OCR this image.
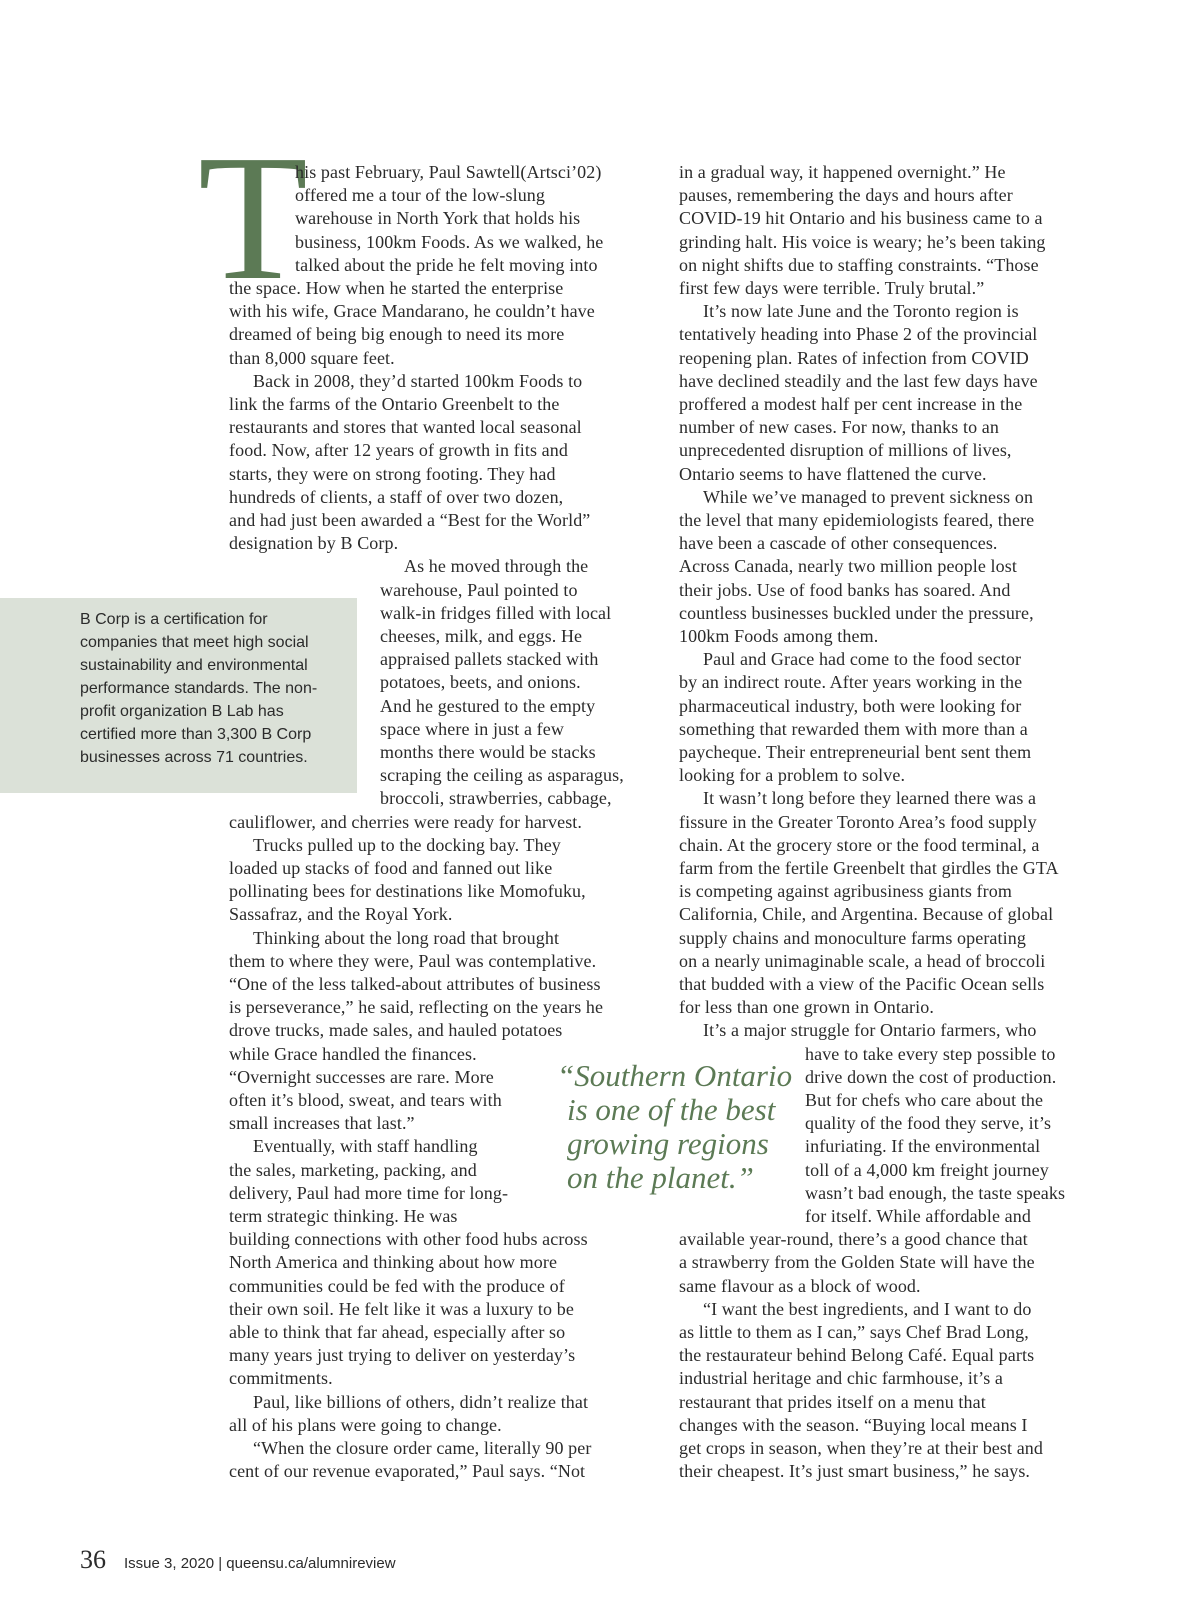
T
B Corp is a certification for
companies that meet high social
sustainability and environmental
performance standards. The non-
profit organization B Lab has
certified more than 3,300 B Corp
businesses across 71 countries.
his past February, Paul Sawtell(Artsci’02)
offered me a tour of the low-slung
warehouse in North York that holds his
business, 100km Foods. As we walked, he
talked about the pride he felt moving into
the space. How when he started the enterprise
with his wife, Grace Mandarano, he couldn’t have
dreamed of being big enough to need its more
than 8,000 square feet.
Back in 2008, they’d started 100km Foods to
link the farms of the Ontario Greenbelt to the
restaurants and stores that wanted local seasonal
food. Now, after 12 years of growth in fits and
starts, they were on strong footing. They had
hundreds of clients, a staff of over two dozen,
and had just been awarded a “Best for the World”
designation by B Corp.
As he moved through the
warehouse, Paul pointed to
walk-in fridges filled with local
cheeses, milk, and eggs. He
appraised pallets stacked with
potatoes, beets, and onions.
And he gestured to the empty
space where in just a few
months there would be stacks
scraping the ceiling as asparagus,
broccoli, strawberries, cabbage,
cauliflower, and cherries were ready for harvest.
Trucks pulled up to the docking bay. They
loaded up stacks of food and fanned out like
pollinating bees for destinations like Momofuku,
Sassafraz, and the Royal York.
Thinking about the long road that brought
them to where they were, Paul was contemplative.
“One of the less talked-about attributes of business
is perseverance,” he said, reflecting on the years he
drove trucks, made sales, and hauled potatoes
while Grace handled the finances.
“Overnight successes are rare. More
often it’s blood, sweat, and tears with
small increases that last.”
Eventually, with staff handling
the sales, marketing, packing, and
delivery, Paul had more time for long-
term strategic thinking. He was
building connections with other food hubs across
North America and thinking about how more
communities could be fed with the produce of
their own soil. He felt like it was a luxury to be
able to think that far ahead, especially after so
many years just trying to deliver on yesterday’s
commitments.
Paul, like billions of others, didn’t realize that
all of his plans were going to change.
“When the closure order came, literally 90 per
cent of our revenue evaporated,” Paul says. “Not
in a gradual way, it happened overnight.” He
pauses, remembering the days and hours after
COVID-19 hit Ontario and his business came to a
grinding halt. His voice is weary; he’s been taking
on night shifts due to staffing constraints. “Those
first few days were terrible. Truly brutal.”
It’s now late June and the Toronto region is
tentatively heading into Phase 2 of the provincial
reopening plan. Rates of infection from COVID
have declined steadily and the last few days have
proffered a modest half per cent increase in the
number of new cases. For now, thanks to an
unprecedented disruption of millions of lives,
Ontario seems to have flattened the curve.
While we’ve managed to prevent sickness on
the level that many epidemiologists feared, there
have been a cascade of other consequences.
Across Canada, nearly two million people lost
their jobs. Use of food banks has soared. And
countless businesses buckled under the pressure,
100km Foods among them.
Paul and Grace had come to the food sector
by an indirect route. After years working in the
pharmaceutical industry, both were looking for
something that rewarded them with more than a
paycheque. Their entrepreneurial bent sent them
looking for a problem to solve.
It wasn’t long before they learned there was a
fissure in the Greater Toronto Area’s food supply
chain. At the grocery store or the food terminal, a
farm from the fertile Greenbelt that girdles the GTA
is competing against agribusiness giants from
California, Chile, and Argentina. Because of global
supply chains and monoculture farms operating
on a nearly unimaginable scale, a head of broccoli
that budded with a view of the Pacific Ocean sells
for less than one grown in Ontario.
It’s a major struggle for Ontario farmers, who
have to take every step possible to
drive down the cost of production.
But for chefs who care about the
quality of the food they serve, it’s
infuriating. If the environmental
toll of a 4,000 km freight journey
wasn’t bad enough, the taste speaks
for itself. While affordable and
available year-round, there’s a good chance that
a strawberry from the Golden State will have the
same flavour as a block of wood.
“I want the best ingredients, and I want to do
as little to them as I can,” says Chef Brad Long,
the restaurateur behind Belong Café. Equal parts
industrial heritage and chic farmhouse, it’s a
restaurant that prides itself on a menu that
changes with the season. “Buying local means I
get crops in season, when they’re at their best and
their cheapest. It’s just smart business,” he says.
“Southern Ontario
is one of the best
growing regions
on the planet.”
36 Issue 3, 2020 | queensu.ca/alumnireview
